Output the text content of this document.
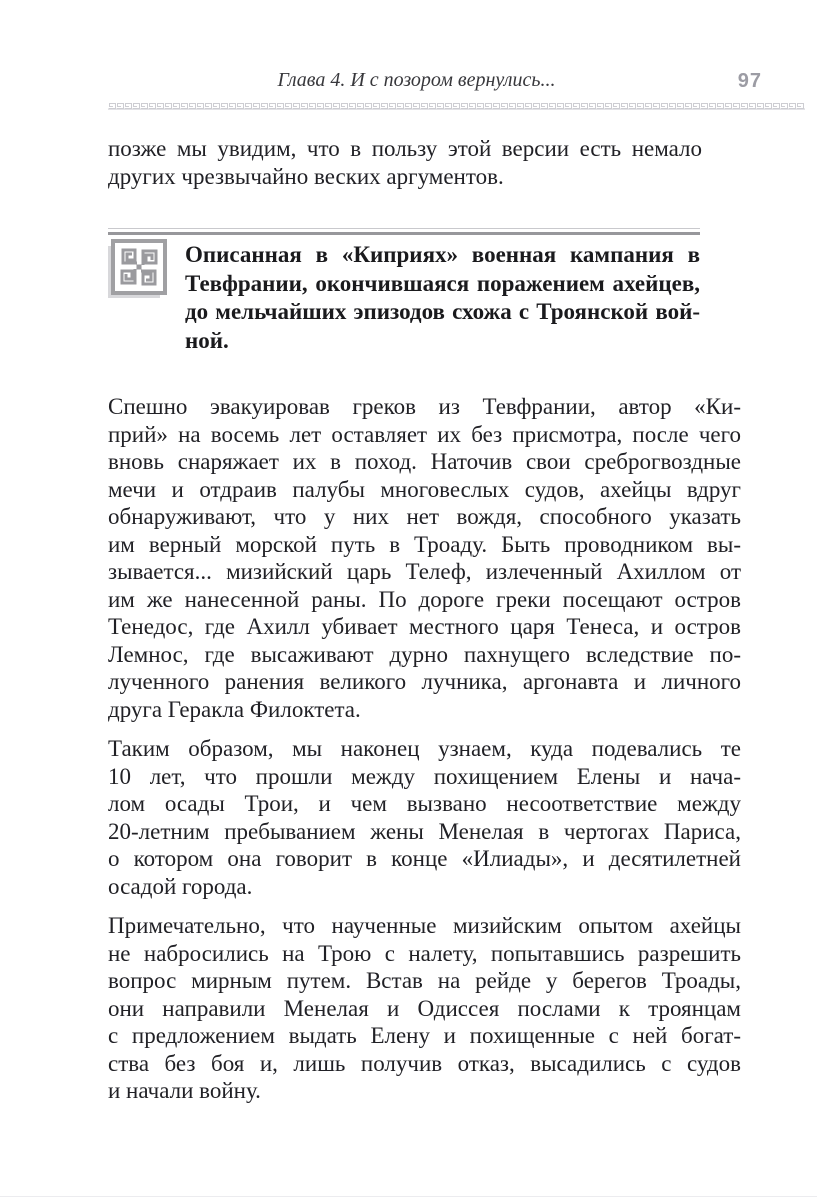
Глава 4. И с позором вернулись...	97
позже мы увидим, что в пользу этой версии есть немало
других чрезвычайно веских аргументов.
Описанная в «Киприях» военная кампания в
Тевфрании, окончившаяся поражением ахейцев,
до мельчайших эпизодов схожа с Троянской вой-
ной.
Спешно эвакуировав греков из Тевфрании, автор «Ки-
прий» на восемь лет оставляет их без присмотра, после чего
вновь снаряжает их в поход. Наточив свои среброгвоздные
мечи и отдраив палубы многовеслых судов, ахейцы вдруг
обнаруживают, что у них нет вождя, способного указать
им верный морской путь в Троаду. Быть проводником вы-
зывается... мизийский царь Телеф, излеченный Ахиллом от
им же нанесенной раны. По дороге греки посещают остров
Тенедос, где Ахилл убивает местного царя Тенеса, и остров
Лемнос, где высаживают дурно пахнущего вследствие по-
лученного ранения великого лучника, аргонавта и личного
друга Геракла Филоктета.
Таким образом, мы наконец узнаем, куда подевались те
10 лет, что прошли между похищением Елены и нача-
лом осады Трои, и чем вызвано несоответствие между
20-летним пребыванием жены Менелая в чертогах Париса,
о котором она говорит в конце «Илиады», и десятилетней
осадой города.
Примечательно, что наученные мизийским опытом ахейцы
не набросились на Трою с налету, попытавшись разрешить
вопрос мирным путем. Встав на рейде у берегов Троады,
они направили Менелая и Одиссея послами к троянцам
с предложением выдать Елену и похищенные с ней богат-
ства без боя и, лишь получив отказ, высадились с судов
и начали войну.
